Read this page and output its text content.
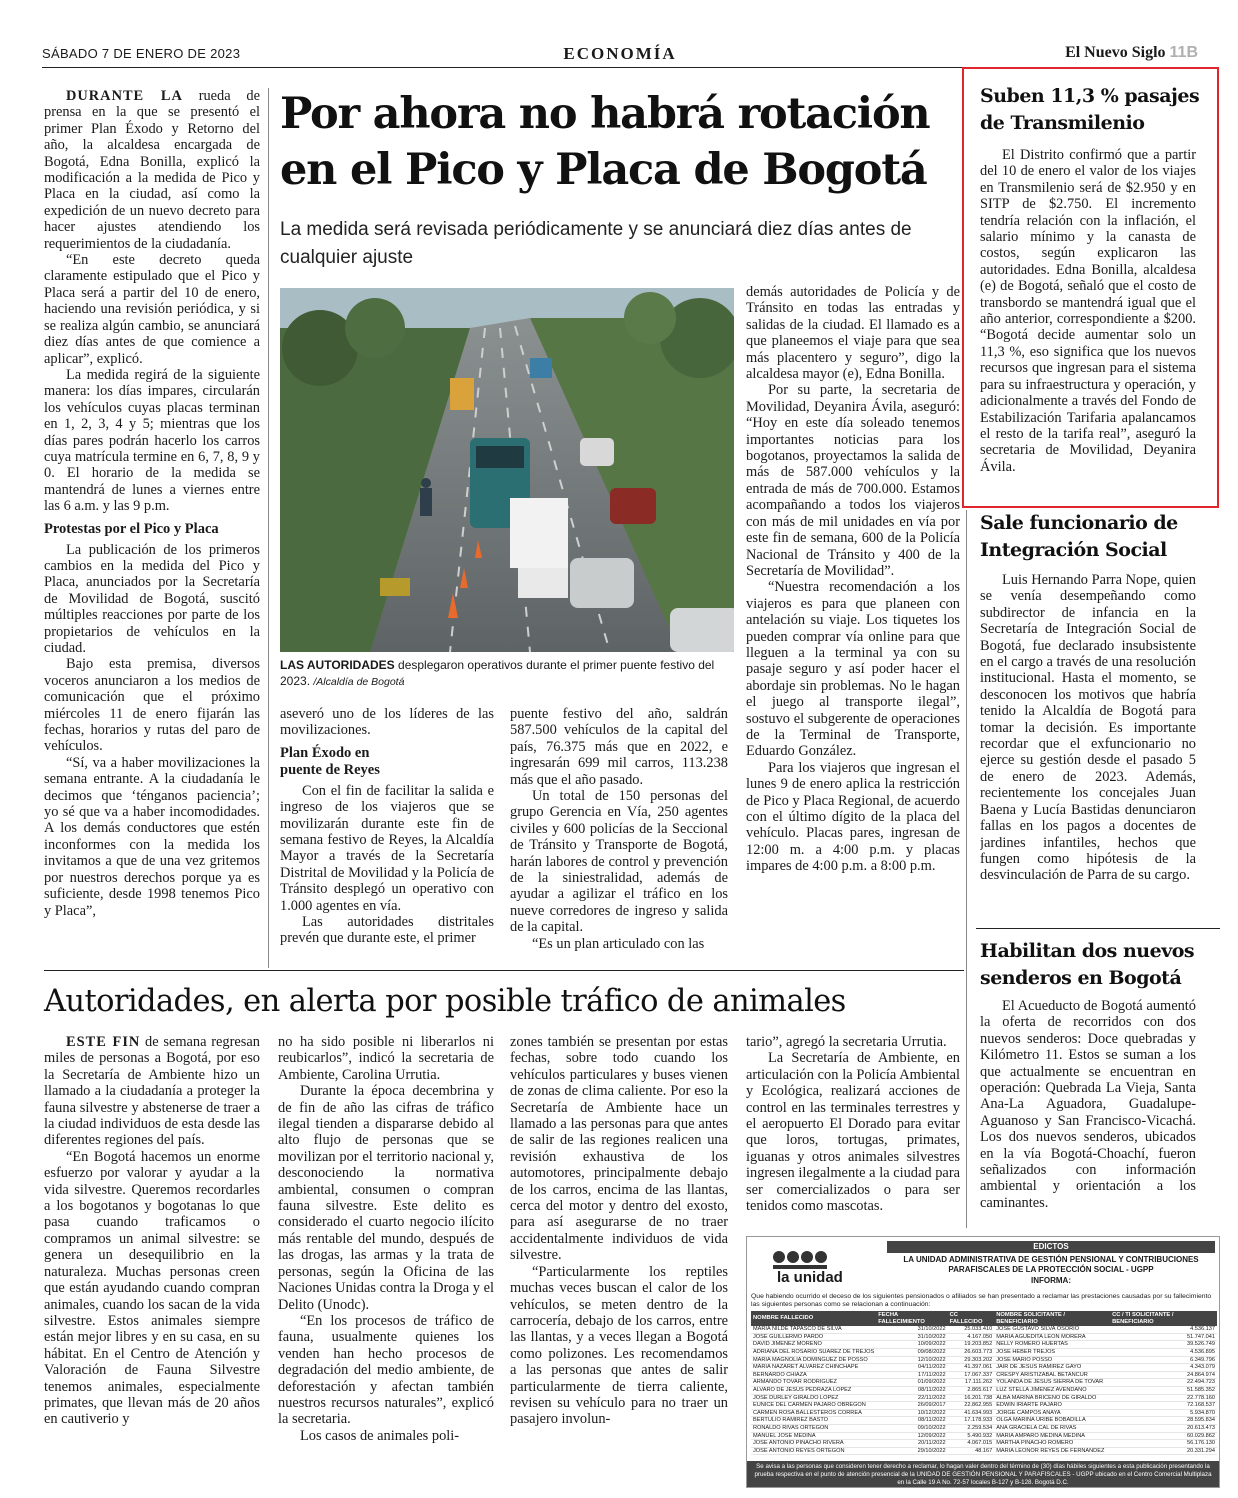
SÁBADO 7 DE ENERO DE 2023	ECONOMÍA	El Nuevo Siglo 11B
Por ahora no habrá rotación en el Pico y Placa de Bogotá
La medida será revisada periódicamente y se anunciará diez días antes de cualquier ajuste

DURANTE LA rueda de prensa en la que se presentó el primer Plan Éxodo y Retorno del año, la alcaldesa encargada de Bogotá, Edna Bonilla, explicó la modificación a la medida de Pico y Placa en la ciudad, así como la expedición de un nuevo decreto para hacer ajustes atendiendo los requerimientos de la ciudadanía.

“En este decreto queda claramente estipulado que el Pico y Placa será a partir del 10 de enero, haciendo una revisión periódica, y si se realiza algún cambio, se anunciará diez días antes de que comience a aplicar”, explicó.

La medida regirá de la siguiente manera: los días impares, circularán los vehículos cuyas placas terminan en 1, 2, 3, 4 y 5; mientras que los días pares podrán hacerlo los carros cuya matrícula termine en 6, 7, 8, 9 y 0. El horario de la medida se mantendrá de lunes a viernes entre las 6 a.m. y las 9 p.m.

Protestas por el Pico y Placa

La publicación de los primeros cambios en la medida del Pico y Placa, anunciados por la Secretaría de Movilidad de Bogotá, suscitó múltiples reacciones por parte de los propietarios de vehículos en la ciudad.

Bajo esta premisa, diversos voceros anunciaron a los medios de comunicación que el próximo miércoles 11 de enero fijarán las fechas, horarios y rutas del paro de vehículos.

“Sí, va a haber movilizaciones la semana entrante. A la ciudadanía le decimos que ‘ténganos paciencia’; yo sé que va a haber incomodidades. A los demás conductores que estén inconformes con la medida los invitamos a que de una vez gritemos por nuestros derechos porque ya es suficiente, desde 1998 tenemos Pico y Placa”,

LAS AUTORIDADES desplegaron operativos durante el primer puente festivo del 2023. /Alcaldía de Bogotá

aseveró uno de los líderes de las movilizaciones.

Plan Éxodo en puente de Reyes

Con el fin de facilitar la salida e ingreso de los viajeros que se movilizarán durante este fin de semana festivo de Reyes, la Alcaldía Mayor a través de la Secretaría Distrital de Movilidad y la Policía de Tránsito desplegó un operativo con 1.000 agentes en vía.

Las autoridades distritales prevén que durante este, el primer

puente festivo del año, saldrán 587.500 vehículos de la capital del país, 76.375 más que en 2022, e ingresarán 699 mil carros, 113.238 más que el año pasado.

Un total de 150 personas del grupo Gerencia en Vía, 250 agentes civiles y 600 policías de la Seccional de Tránsito y Transporte de Bogotá, harán labores de control y prevención de la siniestralidad, además de ayudar a agilizar el tráfico en los nueve corredores de ingreso y salida de la capital.

“Es un plan articulado con las

demás autoridades de Policía y de Tránsito en todas las entradas y salidas de la ciudad. El llamado es a que planeemos el viaje para que sea más placentero y seguro”, digo la alcaldesa mayor (e), Edna Bonilla.

Por su parte, la secretaria de Movilidad, Deyanira Ávila, aseguró: “Hoy en este día soleado tenemos importantes noticias para los bogotanos, proyectamos la salida de más de 587.000 vehículos y la entrada de más de 700.000. Estamos acompañando a todos los viajeros con más de mil unidades en vía por este fin de semana, 600 de la Policía Nacional de Tránsito y 400 de la Secretaría de Movilidad”.

“Nuestra recomendación a los viajeros es para que planeen con antelación su viaje. Los tiquetes los pueden comprar vía online para que lleguen a la terminal ya con su pasaje seguro y así poder hacer el abordaje sin problemas. No le hagan el juego al transporte ilegal”, sostuvo el subgerente de operaciones de la Terminal de Transporte, Eduardo González.

Para los viajeros que ingresan el lunes 9 de enero aplica la restricción de Pico y Placa Regional, de acuerdo con el último dígito de la placa del vehículo. Placas pares, ingresan de 12:00 m. a 4:00 p.m. y placas impares de 4:00 p.m. a 8:00 p.m.

Autoridades, en alerta por posible tráfico de animales

ESTE FIN de semana regresan miles de personas a Bogotá, por eso la Secretaría de Ambiente hizo un llamado a la ciudadanía a proteger la fauna silvestre y abstenerse de traer a la ciudad individuos de esta desde las diferentes regiones del país.

“En Bogotá hacemos un enorme esfuerzo por valorar y ayudar a la vida silvestre. Queremos recordarles a los bogotanos y bogotanas lo que pasa cuando traficamos o compramos un animal silvestre: se genera un desequilibrio en la naturaleza. Muchas personas creen que están ayudando cuando compran animales, cuando los sacan de la vida silvestre. Estos animales siempre están mejor libres y en su casa, en su hábitat. En el Centro de Atención y Valoración de Fauna Silvestre tenemos animales, especialmente primates, que llevan más de 20 años en cautiverio y

no ha sido posible ni liberarlos ni reubicarlos”, indicó la secretaria de Ambiente, Carolina Urrutia.

Durante la época decembrina y de fin de año las cifras de tráfico ilegal tienden a dispararse debido al alto flujo de personas que se movilizan por el territorio nacional y, desconociendo la normativa ambiental, consumen o compran fauna silvestre. Este delito es considerado el cuarto negocio ilícito más rentable del mundo, después de las drogas, las armas y la trata de personas, según la Oficina de las Naciones Unidas contra la Droga y el Delito (Unodc).

“En los procesos de tráfico de fauna, usualmente quienes los venden han hecho procesos de degradación del medio ambiente, de deforestación y afectan también nuestros recursos naturales”, explicó la secretaria.

Los casos de animales poli-

zones también se presentan por estas fechas, sobre todo cuando los vehículos particulares y buses vienen de zonas de clima caliente. Por eso la Secretaría de Ambiente hace un llamado a las personas para que antes de salir de las regiones realicen una revisión exhaustiva de los automotores, principalmente debajo de los carros, encima de las llantas, cerca del motor y dentro del exosto, para así asegurarse de no traer accidentalmente individuos de vida silvestre.

“Particularmente los reptiles muchas veces buscan el calor de los vehículos, se meten dentro de la carrocería, debajo de los carros, entre las llantas, y a veces llegan a Bogotá como polizones. Les recomendamos a las personas que antes de salir particularmente de tierra caliente, revisen su vehículo para no traer un pasajero involun-

tario”, agregó la secretaria Urrutia.

La Secretaría de Ambiente, en articulación con la Policía Ambiental y Ecológica, realizará acciones de control en las terminales terrestres y el aeropuerto El Dorado para evitar que loros, tortugas, primates, iguanas y otros animales silvestres ingresen ilegalmente a la ciudad para ser comercializados o para ser tenidos como mascotas.

Suben 11,3 % pasajes de Transmilenio

El Distrito confirmó que a partir del 10 de enero el valor de los viajes en Transmilenio será de $2.950 y en SITP de $2.750. El incremento tendría relación con la inflación, el salario mínimo y la canasta de costos, según explicaron las autoridades. Edna Bonilla, alcaldesa (e) de Bogotá, señaló que el costo de transbordo se mantendrá igual que el año anterior, correspondiente a $200. “Bogotá decide aumentar solo un 11,3 %, eso significa que los nuevos recursos que ingresan para el sistema para su infraestructura y operación, y adicionalmente a través del Fondo de Estabilización Tarifaria apalancamos el resto de la tarifa real”, aseguró la secretaria de Movilidad, Deyanira Ávila.

Sale funcionario de Integración Social

Luis Hernando Parra Nope, quien se venía desempeñando como subdirector de infancia en la Secretaría de Integración Social de Bogotá, fue declarado insubsistente en el cargo a través de una resolución institucional. Hasta el momento, se desconocen los motivos que habría tenido la Alcaldía de Bogotá para tomar la decisión. Es importante recordar que el exfuncionario no ejerce su gestión desde el pasado 5 de enero de 2023. Además, recientemente los concejales Juan Baena y Lucía Bastidas denunciaron fallas en los pagos a docentes de jardines infantiles, hechos que fungen como hipótesis de la desvinculación de Parra de su cargo.

Habilitan dos nuevos senderos en Bogotá

El Acueducto de Bogotá aumentó la oferta de recorridos con dos nuevos senderos: Doce quebradas y Kilómetro 11. Estos se suman a los que actualmente se encuentran en operación: Quebrada La Vieja, Santa Ana-La Aguadora, Guadalupe-Aguanoso y San Francisco-Vicachá. Los dos nuevos senderos, ubicados en la vía Bogotá-Choachí, fueron señalizados con información ambiental y orientación a los caminantes.

la unidad
EDICTOS
LA UNIDAD ADMINISTRATIVA DE GESTIÓN PENSIONAL Y CONTRIBUCIONES PARAFISCALES DE LA PROTECCIÓN SOCIAL - UGPP
INFORMA:
Que habiendo ocurrido el deceso de los siguientes pensionados o afiliados se han presentado a reclamar las prestaciones causadas por su fallecimiento las siguientes personas como se relacionan a continuación:
NOMBRE FALLECIDO	FECHA FALLECIMIENTO	CC FALLECIDO	NOMBRE SOLICITANTE / BENEFICIARIO	CC / TI SOLICITANTE / BENEFICIARIO
MARIA NILDE TAPASCO DE SILVA	31/10/2022	25.033.410	JOSE GUSTAVO SILVA OSORIO	4.536.137
JOSE GUILLERMO PARDO	31/10/2022	4.167.050	MARIA AGUEDITA LEON MORERA	51.747.041
DAVID JIMENEZ MORENO	10/09/2022	19.203.852	NELLY ROMERO HUERTAS	39.526.749
ADRIANA DEL ROSARIO SUAREZ DE TREJOS	09/08/2022	26.603.773	JOSE HEBER TREJOS	4.536.895
MARIA MAGNOLIA DOMINGUEZ DE POSSO	12/10/2022	29.303.202	JOSE MARIO POSSO	6.349.796
MARIA NAZARET ALVAREZ CHINCHAPE	04/11/2022	41.397.061	JAIR DE JESUS RAMIREZ GAYO	4.343.079
BERNARDO CHIAZA	17/11/2022	17.067.337	CRESPY ARISTIZABAL BETANCUR	24.864.974
ARMANDO TOVAR RODRIGUEZ	01/09/2022	17.111.262	YOLANDA DE JESUS SIERRA DE TOVAR	22.494.723
ALVARO DE JESUS PEDRAZA LOPEZ	08/11/2022	2.865.617	LUZ STELLA JIMENEZ AVENDAÑO	51.585.352
JOSE DURLEY GIRALDO LOPEZ	22/11/2022	16.201.738	ALBA MARINA BRICEÑO DE GIRALDO	22.778.160
EUNICE DEL CARMEN PAJARO OBREGON	26/09/2017	22.862.955	EDWIN IRIARTE PAJARO	72.168.537
CARMEN ROSA BALLESTEROS CORREA	10/12/2022	41.634.993	JORGE CAMPOS ANAYA	5.934.870
BERTULIO RAMIREZ BASTO	08/11/2022	17.178.933	OLGA MARINA URIBE BOBADILLA	28.595.834
RONALDO RIVAS ORTEGON	09/10/2022	2.259.534	ANA GRACIELA CAL DE RIVAS	20.613.473
MANUEL JOSE MEDINA	12/09/2022	5.490.932	MARIA AMPARO MEDINA MEDINA	60.029.862
JOSE ANTONIO PINACHO RIVERA	20/11/2022	4.067.015	MARTHA PINACHO ROMERO	56.176.130
JOSE ANTONIO REYES ORTEGON	29/10/2022	48.167	MARIA LEONOR REYES DE FERNANDEZ	20.331.294
Se avisa a las personas que consideren tener derecho a reclamar, lo hagan valer dentro del término de (30) días hábiles siguientes a esta publicación presentando la prueba respectiva en el punto de atención presencial de la UNIDAD DE GESTIÓN PENSIONAL Y PARAFISCALES - UGPP ubicado en el Centro Comercial Multiplaza en la Calle 19 A No. 72-57 locales B-127 y B-128. Bogotá D.C.
